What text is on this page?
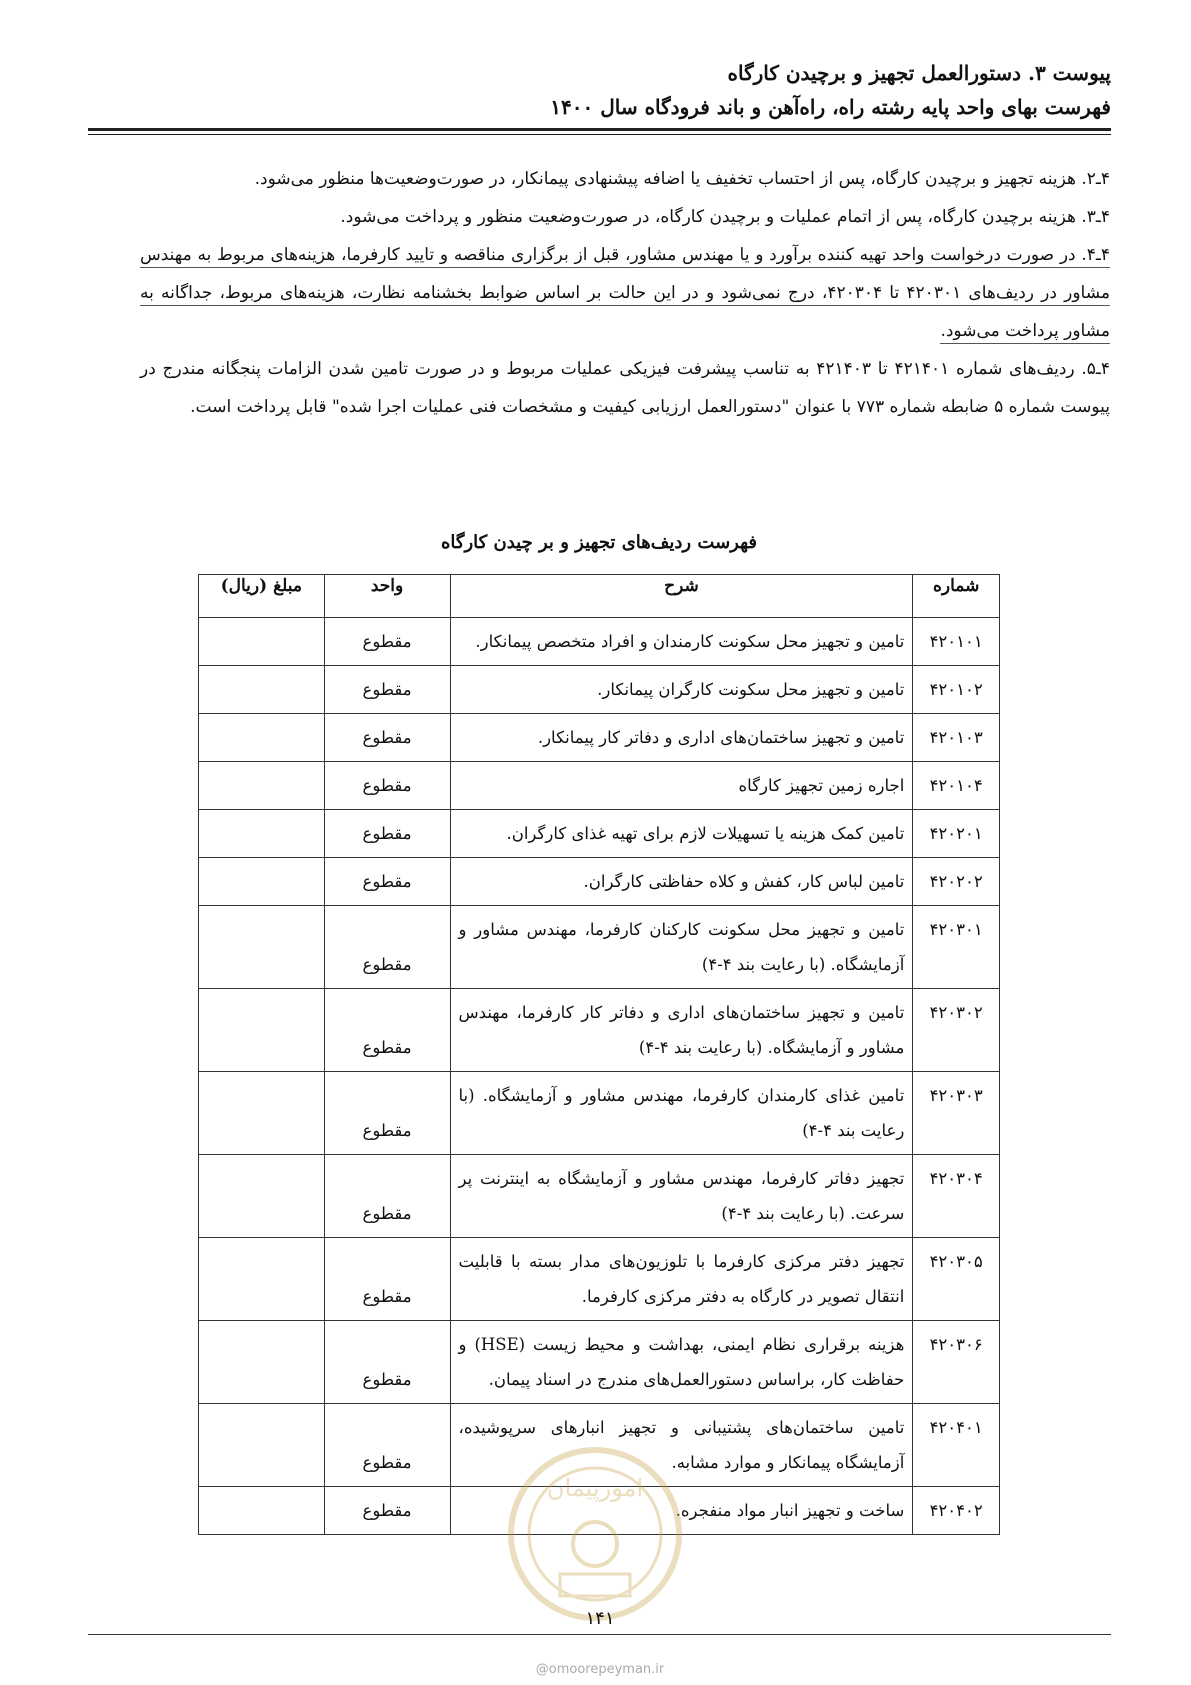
پیوست ۳. دستورالعمل تجهیز و برچیدن کارگاه
فهرست بهای واحد پایه رشته راه، راه‌آهن و باند فرودگاه سال ۱۴۰۰

۴ـ۲. هزینه تجهیز و برچیدن کارگاه، پس از احتساب تخفیف یا اضافه پیشنهادی پیمانکار، در صورت‌وضعیت‌ها منظور می‌شود.

۴ـ۳. هزینه برچیدن کارگاه، پس از اتمام عملیات و برچیدن کارگاه، در صورت‌وضعیت منظور و پرداخت می‌شود.

۴ـ۴. در صورت درخواست واحد تهیه کننده برآورد و یا مهندس مشاور، قبل از برگزاری مناقصه و تایید کارفرما، هزینه‌های مربوط به مهندس مشاور در ردیف‌های ۴۲۰۳۰۱ تا ۴۲۰۳۰۴، درج نمی‌شود و در این حالت بر اساس ضوابط بخشنامه نظارت، هزینه‌های مربوط، جداگانه به مشاور پرداخت می‌شود.

۴ـ۵. ردیف‌های شماره ۴۲۱۴۰۱ تا ۴۲۱۴۰۳ به تناسب پیشرفت فیزیکی عملیات مربوط و در صورت تامین شدن الزامات پنجگانه مندرج در پیوست شماره ۵ ضابطه شماره ۷۷۳ با عنوان "دستورالعمل ارزیابی کیفیت و مشخصات فنی عملیات اجرا شده" قابل پرداخت است.

فهرست ردیف‌های تجهیز و بر چیدن کارگاه
شماره	شرح	واحد	مبلغ (ریال)
۴۲۰۱۰۱	تامین و تجهیز محل سکونت کارمندان و افراد متخصص پیمانکار.	مقطوع	
۴۲۰۱۰۲	تامین و تجهیز محل سکونت کارگران پیمانکار.	مقطوع	
۴۲۰۱۰۳	تامین و تجهیز ساختمان‌های اداری و دفاتر کار پیمانکار.	مقطوع	
۴۲۰۱۰۴	اجاره زمین تجهیز کارگاه	مقطوع	
۴۲۰۲۰۱	تامین کمک هزینه یا تسهیلات لازم برای تهیه غذای کارگران.	مقطوع	
۴۲۰۲۰۲	تامین لباس کار، کفش و کلاه حفاظتی کارگران.	مقطوع	
۴۲۰۳۰۱	تامین و تجهیز محل سکونت کارکنان کارفرما، مهندس مشاور و آزمایشگاه. (با رعایت بند ۴-۴)	مقطوع	
۴۲۰۳۰۲	تامین و تجهیز ساختمان‌های اداری و دفاتر کار کارفرما، مهندس مشاور و آزمایشگاه. (با رعایت بند ۴-۴)	مقطوع	
۴۲۰۳۰۳	تامین غذای کارمندان کارفرما، مهندس مشاور و آزمایشگاه. (با رعایت بند ۴-۴)	مقطوع	
۴۲۰۳۰۴	تجهیز دفاتر کارفرما، مهندس مشاور و آزمایشگاه به اینترنت پر سرعت. (با رعایت بند ۴-۴)	مقطوع	
۴۲۰۳۰۵	تجهیز دفتر مرکزی کارفرما با تلوزیون‌های مدار بسته با قابلیت انتقال تصویر در کارگاه به دفتر مرکزی کارفرما.	مقطوع	
۴۲۰۳۰۶	هزینه برقراری نظام ایمنی، بهداشت و محیط زیست (HSE) و حفاظت کار، براساس دستورالعمل‌های مندرج در اسناد پیمان.	مقطوع	
۴۲۰۴۰۱	تامین ساختمان‌های پشتیبانی و تجهیز انبارهای سرپوشیده، آزمایشگاه پیمانکار و موارد مشابه.	مقطوع	
۴۲۰۴۰۲	ساخت و تجهیز انبار مواد منفجره.	مقطوع	
امورپیمان
۱۴۱
@omoorepeyman.ir
